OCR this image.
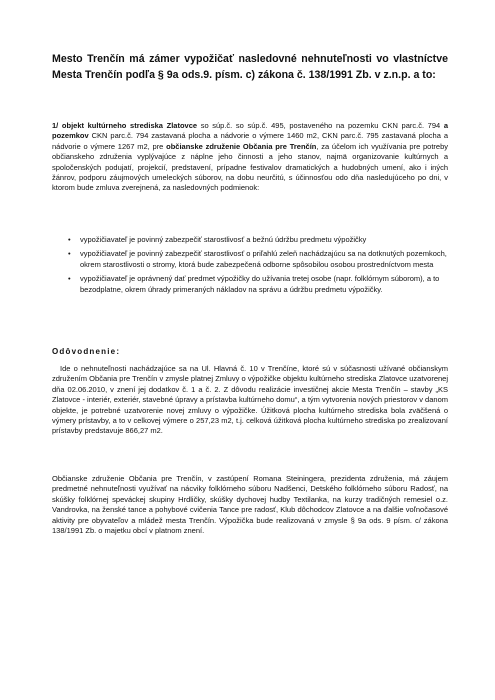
Mesto Trenčín má zámer vypožičať nasledovné nehnuteľnosti vo vlastníctve Mesta Trenčín podľa § 9a ods.9. písm. c) zákona č. 138/1991 Zb. v z.n.p. a to:

1/ objekt kultúrneho strediska Zlatovce so súp.č. so súp.č. 495, postaveného na pozemku CKN parc.č. 794 a pozemkov CKN parc.č. 794 zastavaná plocha a nádvorie o výmere 1460 m2, CKN parc.č. 795 zastavaná plocha a nádvorie o výmere 1267 m2, pre občianske združenie Občania pre Trenčín, za účelom ich využívania pre potreby občianskeho združenia vyplývajúce z náplne jeho činnosti a jeho stanov, najmä organizovanie kultúrnych a spoločenských podujatí, projekcií, predstavení, prípadne festivalov dramatických a hudobných umení, ako i iných žánrov, podporu záujmových umeleckých súborov, na dobu neurčitú, s účinnosťou odo dňa nasledujúceho po dni, v ktorom bude zmluva zverejnená, za nasledovných podmienok:

• vypožičiavateľ je povinný zabezpečiť starostlivosť a bežnú údržbu predmetu výpožičky
• vypožičiavateľ je povinný zabezpečiť starostlivosť o priľahlú zeleň nachádzajúcu sa na dotknutých pozemkoch, okrem starostlivosti o stromy, ktorá bude zabezpečená odborne spôsobilou osobou prostredníctvom mesta
• vypožičiavateľ je oprávnený dať predmet výpožičky do užívania tretej osobe (napr. folklórnym súborom), a to bezodplatne, okrem úhrady primeraných nákladov na správu a údržbu predmetu výpožičky.

Odôvodnenie:

Ide o nehnuteľnosti nachádzajúce sa na Ul. Hlavná č. 10 v Trenčíne, ktoré sú v súčasnosti užívané občianskym združením Občania pre Trenčín v zmysle platnej Zmluvy o výpožičke objektu kultúrneho strediska Zlatovce uzatvorenej dňa 02.06.2010, v znení jej dodatkov č. 1 a č. 2. Z dôvodu realizácie investičnej akcie Mesta Trenčín – stavby „KS Zlatovce - interiér, exteriér, stavebné úpravy a prístavba kultúrneho domu“, a tým vytvorenia nových priestorov v danom objekte, je potrebné uzatvorenie novej zmluvy o výpožičke. Úžitková plocha kultúrneho strediska bola zväčšená o výmery prístavby, a to v celkovej výmere o 257,23 m2, t.j. celková úžitková plocha kultúrneho strediska po zrealizovaní prístavby predstavuje 866,27 m2.

Občianske združenie Občania pre Trenčín, v zastúpení Romana Steiningera, prezidenta združenia, má záujem predmetné nehnuteľnosti využívať na nácviky folklórneho súboru Nadšenci, Detského folklórneho súboru Radosť, na skúšky folklórnej speváckej skupiny Hrdličky, skúšky dychovej hudby Textilanka, na kurzy tradičných remesiel o.z. Vandrovka, na ženské tance a pohybové cvičenia Tance pre radosť, Klub dôchodcov Zlatovce a na ďalšie voľnočasové aktivity pre obyvateľov a mládež mesta Trenčín. Výpožička bude realizovaná v zmysle § 9a ods. 9 písm. c/ zákona 138/1991 Zb. o majetku obcí v platnom znení.
